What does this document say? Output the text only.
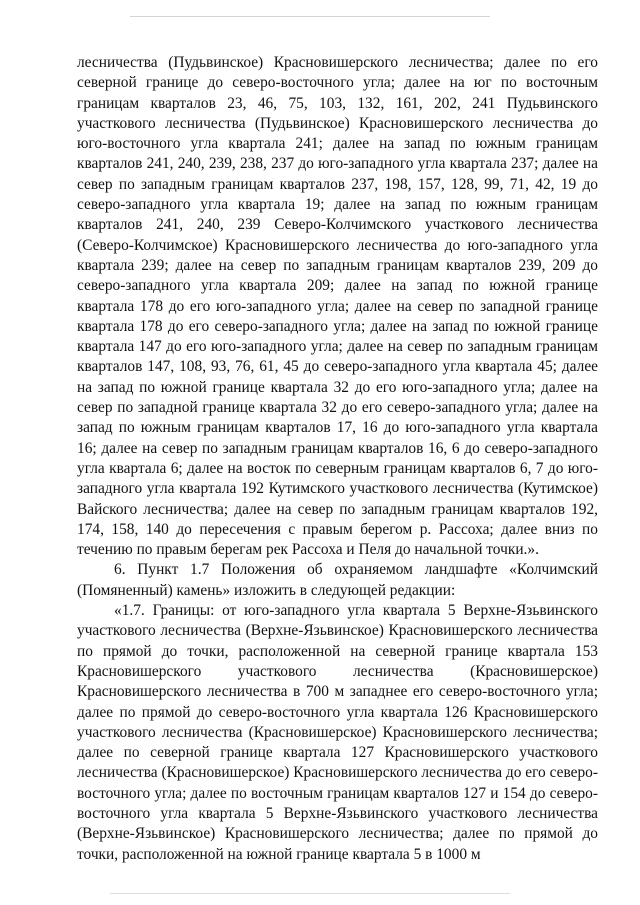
лесничества (Пудьвинское) Красновишерского лесничества; далее по его северной границе до северо-восточного угла; далее на юг по восточным границам кварталов 23, 46, 75, 103, 132, 161, 202, 241 Пудьвинского участкового лесничества (Пудьвинское) Красновишерского лесничества до юго-восточного угла квартала 241; далее на запад по южным границам кварталов 241, 240, 239, 238, 237 до юго-западного угла квартала 237; далее на север по западным границам кварталов 237, 198, 157, 128, 99, 71, 42, 19 до северо-западного угла квартала 19; далее на запад по южным границам кварталов 241, 240, 239 Северо-Колчимского участкового лесничества (Северо-Колчимское) Красновишерского лесничества до юго-западного угла квартала 239; далее на север по западным границам кварталов 239, 209 до северо-западного угла квартала 209; далее на запад по южной границе квартала 178 до его юго-западного угла; далее на север по западной границе квартала 178 до его северо-западного угла; далее на запад по южной границе квартала 147 до его юго-западного угла; далее на север по западным границам кварталов 147, 108, 93, 76, 61, 45 до северо-западного угла квартала 45; далее на запад по южной границе квартала 32 до его юго-западного угла; далее на север по западной границе квартала 32 до его северо-западного угла; далее на запад по южным границам кварталов 17, 16 до юго-западного угла квартала 16; далее на север по западным границам кварталов 16, 6 до северо-западного угла квартала 6; далее на восток по северным границам кварталов 6, 7 до юго-западного угла квартала 192 Кутимского участкового лесничества (Кутимское) Вайского лесничества; далее на север по западным границам кварталов 192, 174, 158, 140 до пересечения с правым берегом р. Рассоха; далее вниз по течению по правым берегам рек Рассоха и Пеля до начальной точки.».

6. Пункт 1.7 Положения об охраняемом ландшафте «Колчимский (Помяненный) камень» изложить в следующей редакции:

«1.7. Границы: от юго-западного угла квартала 5 Верхне-Язьвинского участкового лесничества (Верхне-Язьвинское) Красновишерского лесничества по прямой до точки, расположенной на северной границе квартала 153 Красновишерского участкового лесничества (Красновишерское) Красновишерского лесничества в 700 м западнее его северо-восточного угла; далее по прямой до северо-восточного угла квартала 126 Красновишерского участкового лесничества (Красновишерское) Красновишерского лесничества; далее по северной границе квартала 127 Красновишерского участкового лесничества (Красновишерское) Красновишерского лесничества до его северо-восточного угла; далее по восточным границам кварталов 127 и 154 до северо-восточного угла квартала 5 Верхне-Язьвинского участкового лесничества (Верхне-Язьвинское) Красновишерского лесничества; далее по прямой до точки, расположенной на южной границе квартала 5 в 1000 м
